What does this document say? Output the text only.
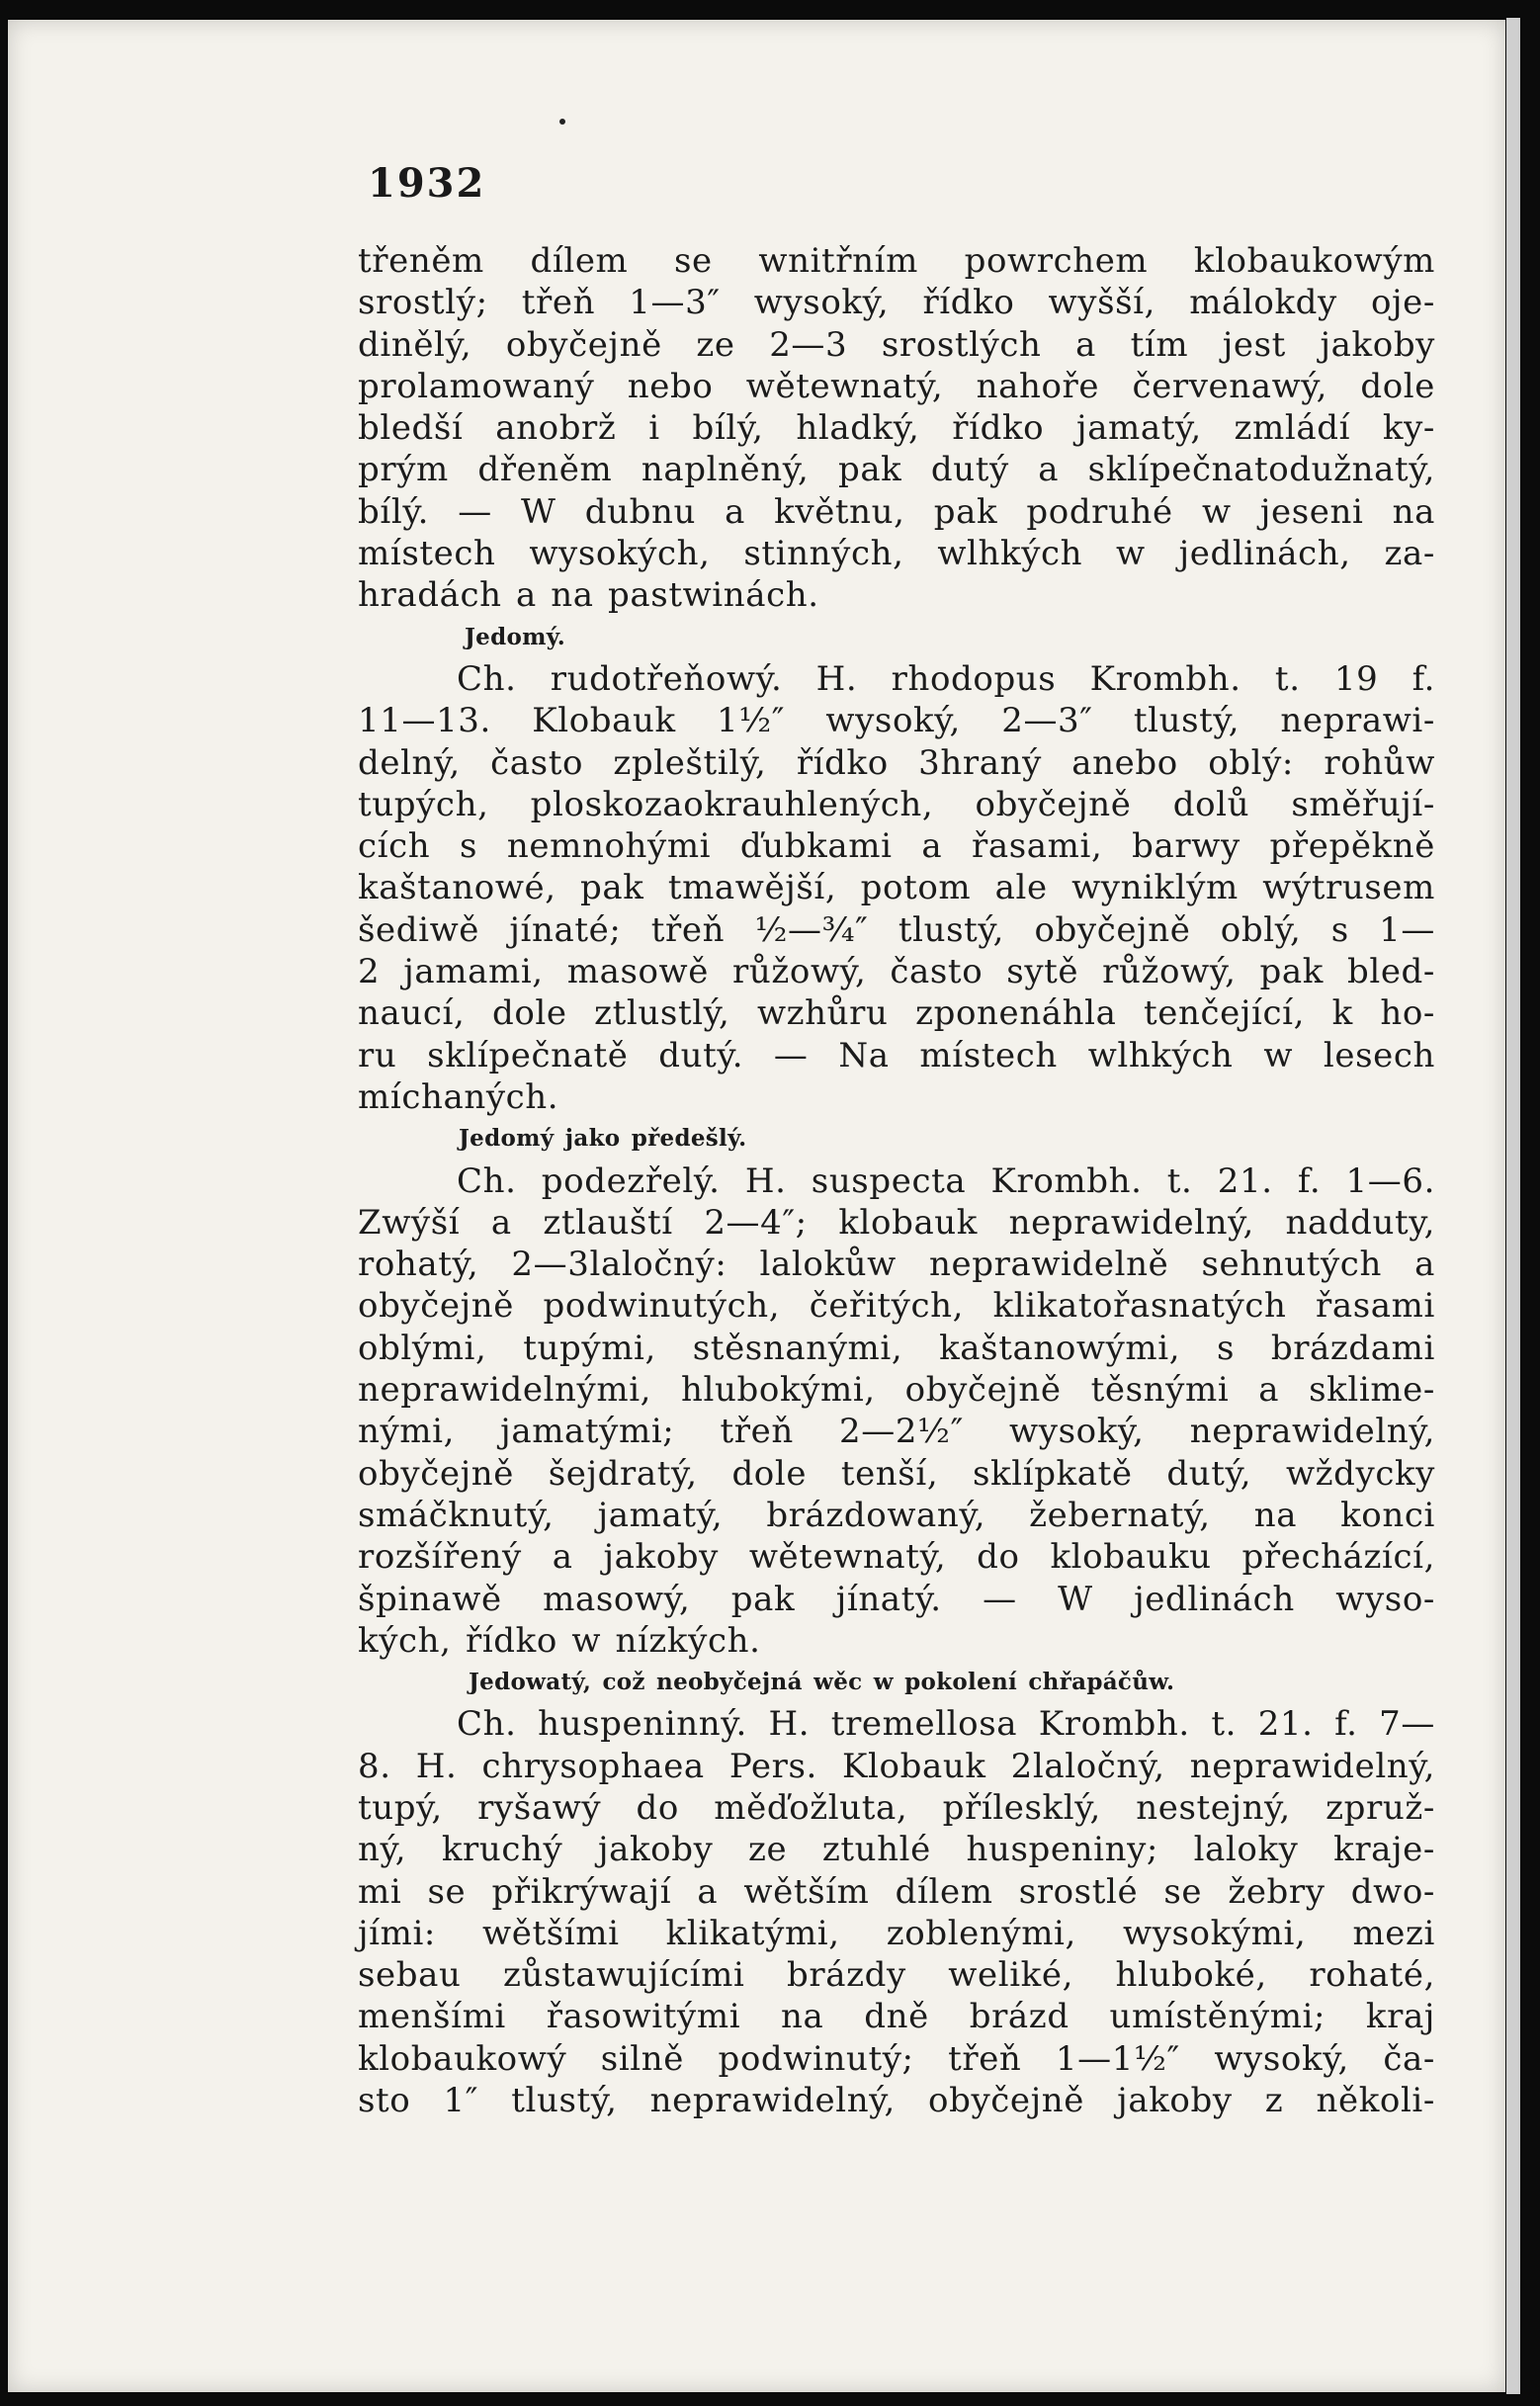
1932
třeněm dílem se wnitřním powrchem klobaukowým
srostlý; třeň 1—3″ wysoký, řídko wyšší, málokdy oje-
dinělý, obyčejně ze 2—3 srostlých a tím jest jakoby
prolamowaný nebo wětewnatý, nahoře červenawý, dole
bledší anobrž i bílý, hladký, řídko jamatý, zmládí ky-
prým dřeněm naplněný, pak dutý a sklípečnatodužnatý,
bílý. — W dubnu a květnu, pak podruhé w jeseni na
místech wysokých, stinných, wlhkých w jedlinách, za-
hradách a na pastwinách.
Jedomý.
Ch. rudotřeňowý. H. rhodopus Krombh. t. 19 f.
11—13. Klobauk 1½″ wysoký, 2—3″ tlustý, neprawi-
delný, často zpleštilý, řídko 3hraný anebo oblý: rohůw
tupých, ploskozaokrauhlených, obyčejně dolů směřují-
cích s nemnohými ďubkami a řasami, barwy přepěkně
kaštanowé, pak tmawější, potom ale wyniklým wýtrusem
šediwě jínaté; třeň ½—¾″ tlustý, obyčejně oblý, s 1—
2 jamami, masowě růžowý, často sytě růžowý, pak bled-
naucí, dole ztlustlý, wzhůru zponenáhla tenčející, k ho-
ru sklípečnatě dutý. — Na místech wlhkých w lesech
míchaných.
Jedomý jako předešlý.
Ch. podezřelý. H. suspecta Krombh. t. 21. f. 1—6.
Zwýší a ztlauští 2—4″; klobauk neprawidelný, nadduty,
rohatý, 2—3laločný: lalokůw neprawidelně sehnutých a
obyčejně podwinutých, čeřitých, klikatořasnatých řasami
oblými, tupými, stěsnanými, kaštanowými, s brázdami
neprawidelnými, hlubokými, obyčejně těsnými a sklime-
nými, jamatými; třeň 2—2½″ wysoký, neprawidelný,
obyčejně šejdratý, dole tenší, sklípkatě dutý, wždycky
smáčknutý, jamatý, brázdowaný, žebernatý, na konci
rozšířený a jakoby wětewnatý, do klobauku přecházící,
špinawě masowý, pak jínatý. — W jedlinách wyso-
kých, řídko w nízkých.
Jedowatý, což neobyčejná wěc w pokolení chřapáčůw.
Ch. huspeninný. H. tremellosa Krombh. t. 21. f. 7—
8. H. chrysophaea Pers. Klobauk 2laločný, neprawidelný,
tupý, ryšawý do měďožluta, přílesklý, nestejný, zpruž-
ný, kruchý jakoby ze ztuhlé huspeniny; laloky kraje-
mi se přikrýwají a wětším dílem srostlé se žebry dwo-
jími: wětšími klikatými, zoblenými, wysokými, mezi
sebau zůstawujícími brázdy weliké, hluboké, rohaté,
menšími řasowitými na dně brázd umístěnými; kraj
klobaukowý silně podwinutý; třeň 1—1½″ wysoký, ča-
sto 1″ tlustý, neprawidelný, obyčejně jakoby z několi-
